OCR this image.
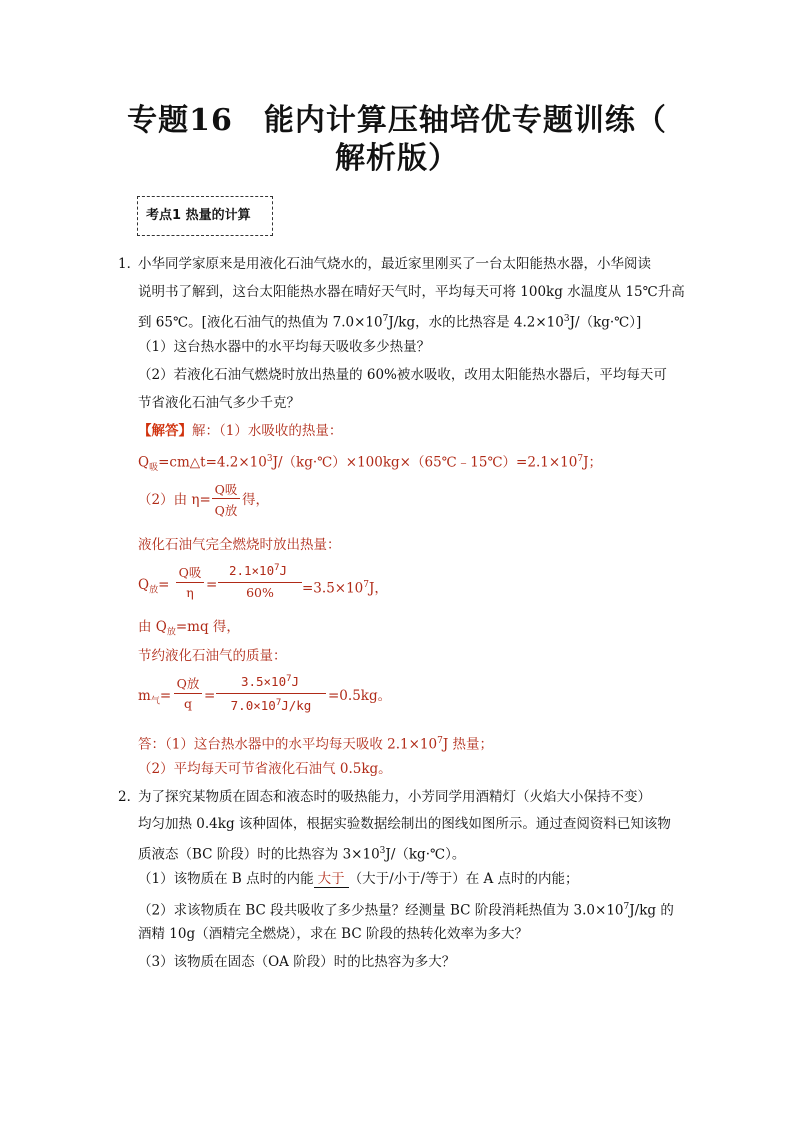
专题16　能内计算压轴培优专题训练（
解析版）
考点1 热量的计算
1．
小华同学家原来是用液化石油气烧水的，最近家里刚买了一台太阳能热水器，小华阅读
说明书了解到，这台太阳能热水器在晴好天气时，平均每天可将 100kg 水温度从 15℃升高
到 65℃。[液化石油气的热值为 $7.0\times 10^7J/kg$，水的比热容是 $4.2\times 10^3J/(kg\cdot℃)$]
（1）这台热水器中的水平均每天吸收多少热量？
（2）若液化石油气燃烧时放出热量的 60%被水吸收，改用太阳能热水器后，平均每天可
节省液化石油气多少千克？
【解答】解：（1）水吸收的热量：
$Q_吸=cm\triangle t=4.2\times 10^3J/(kg\cdot℃)\times 100kg\times(65℃﹣15℃)=2.1\times 10^7J$；
（2）由 η=
Q吸
Q放
得，
液化石油气完全燃烧时放出热量：
$Q_放=$
Q吸
η =
$2.1\times 10^7J$
60%	$=3.5\times 10^7J$，
由 $Q_放=mq$ 得，
节约液化石油气的质量：
$m_气=$
Q放
q =
$3.5\times 10^7J$
$7.0\times 10^7J/kg$
=0.5kg。
答：（1）这台热水器中的水平均每天吸收 $2.1\times 10^7J$ 热量；
（2）平均每天可节省液化石油气 0.5kg。
2．
为了探究某物质在固态和液态时的吸热能力，小芳同学用酒精灯（火焰大小保持不变）
均匀加热 0.4kg 该种固体，根据实验数据绘制出的图线如图所示。通过查阅资料已知该物
质液态（BC 阶段）时的比热容为 $3\times 10^3J/(kg\cdot℃)$。
（1）该物质在 B 点时的内能 大于 （大于/小于/等于）在 A 点时的内能；
（2）求该物质在 BC 段共吸收了多少热量？经测量 BC 阶段消耗热值为 $3.0\times 10^7J/kg$ 的
酒精 10g（酒精完全燃烧），求在 BC 阶段的热转化效率为多大？
（3）该物质在固态（OA 阶段）时的比热容为多大？
